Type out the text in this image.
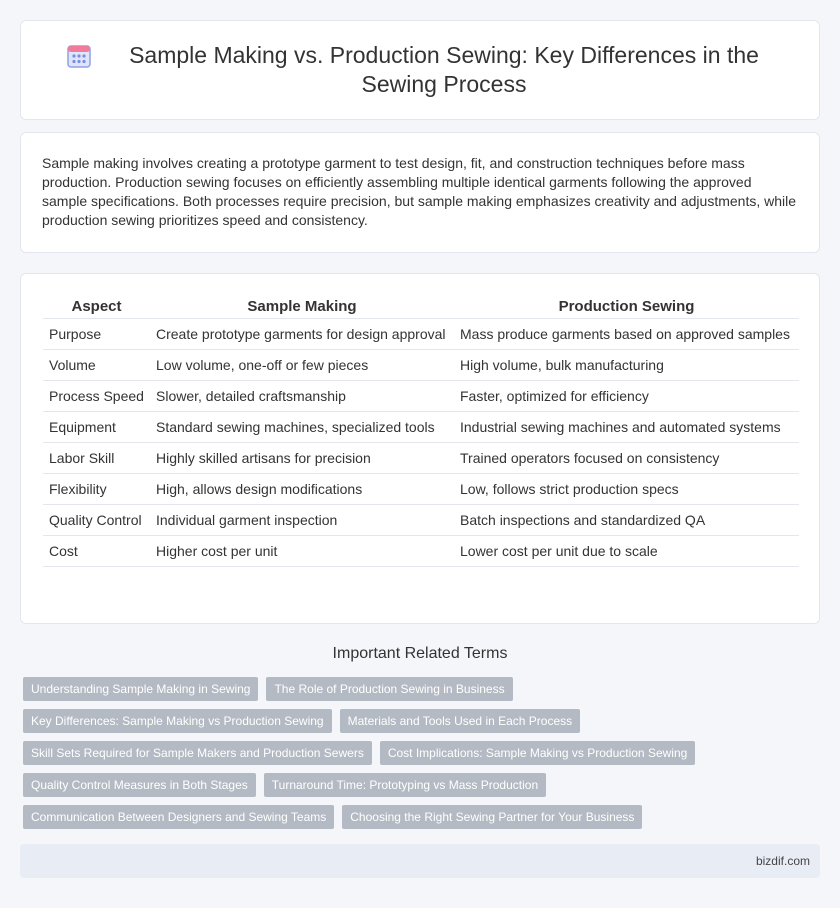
Sample Making vs. Production Sewing: Key Differences in the Sewing Process

Sample making involves creating a prototype garment to test design, fit, and construction techniques before mass production. Production sewing focuses on efficiently assembling multiple identical garments following the approved sample specifications. Both processes require precision, but sample making emphasizes creativity and adjustments, while production sewing prioritizes speed and consistency.

Aspect	Sample Making	Production Sewing
Purpose	Create prototype garments for design approval	Mass produce garments based on approved samples
Volume	Low volume, one-off or few pieces	High volume, bulk manufacturing
Process Speed	Slower, detailed craftsmanship	Faster, optimized for efficiency
Equipment	Standard sewing machines, specialized tools	Industrial sewing machines and automated systems
Labor Skill	Highly skilled artisans for precision	Trained operators focused on consistency
Flexibility	High, allows design modifications	Low, follows strict production specs
Quality Control	Individual garment inspection	Batch inspections and standardized QA
Cost	Higher cost per unit	Lower cost per unit due to scale
Important Related Terms
Understanding Sample Making in Sewing	The Role of Production Sewing in Business
Key Differences: Sample Making vs Production Sewing	Materials and Tools Used in Each Process
Skill Sets Required for Sample Makers and Production Sewers	Cost Implications: Sample Making vs Production Sewing
Quality Control Measures in Both Stages	Turnaround Time: Prototyping vs Mass Production
Communication Between Designers and Sewing Teams	Choosing the Right Sewing Partner for Your Business
bizdif.com
